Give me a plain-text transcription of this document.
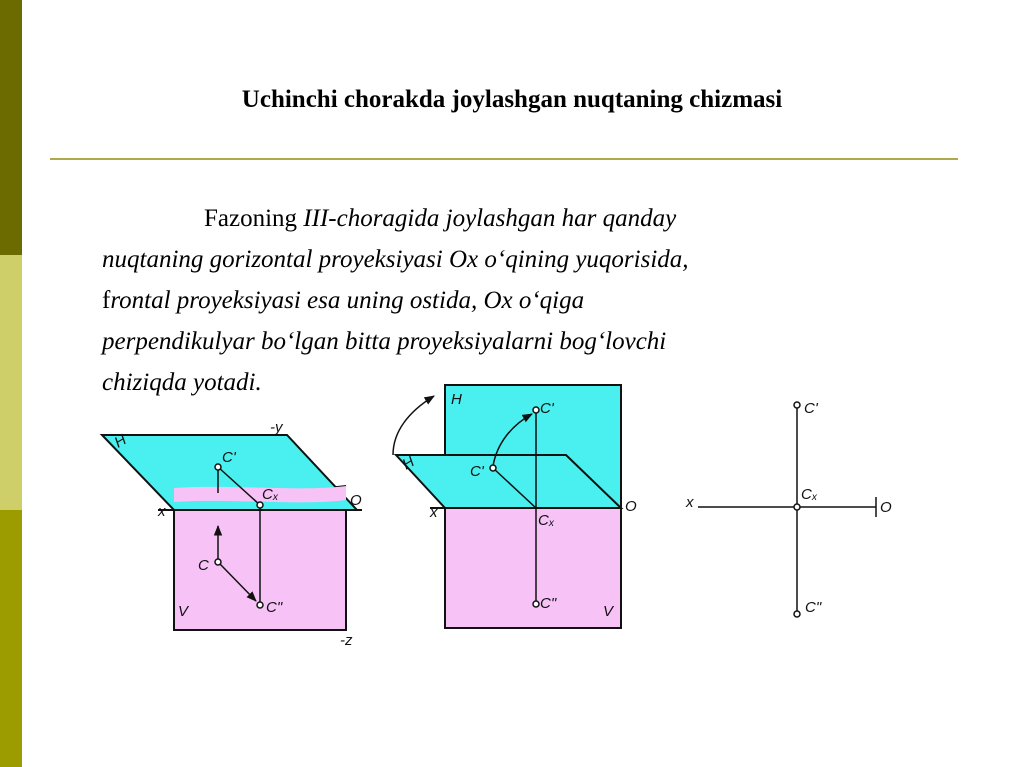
Uchinchi chorakda joylashgan nuqtaning chizmasi
Fazoning III-choragida joylashgan har qanday
nuqtaning gorizontal proyeksiyasi Ox o‘qining yuqorisida,
frontal proyeksiyasi esa uning ostida, Ox o‘qiga
perpendikulyar bo‘lgan bitta proyeksiyalarni bog‘lovchi
chiziqda yotadi.
-y
H
C'
Cₓ	O
x
C
V	C"
-z
H
C'
H	C'
O
x	Cₓ
C"	V
C'
x	Cₓ
O
C"
